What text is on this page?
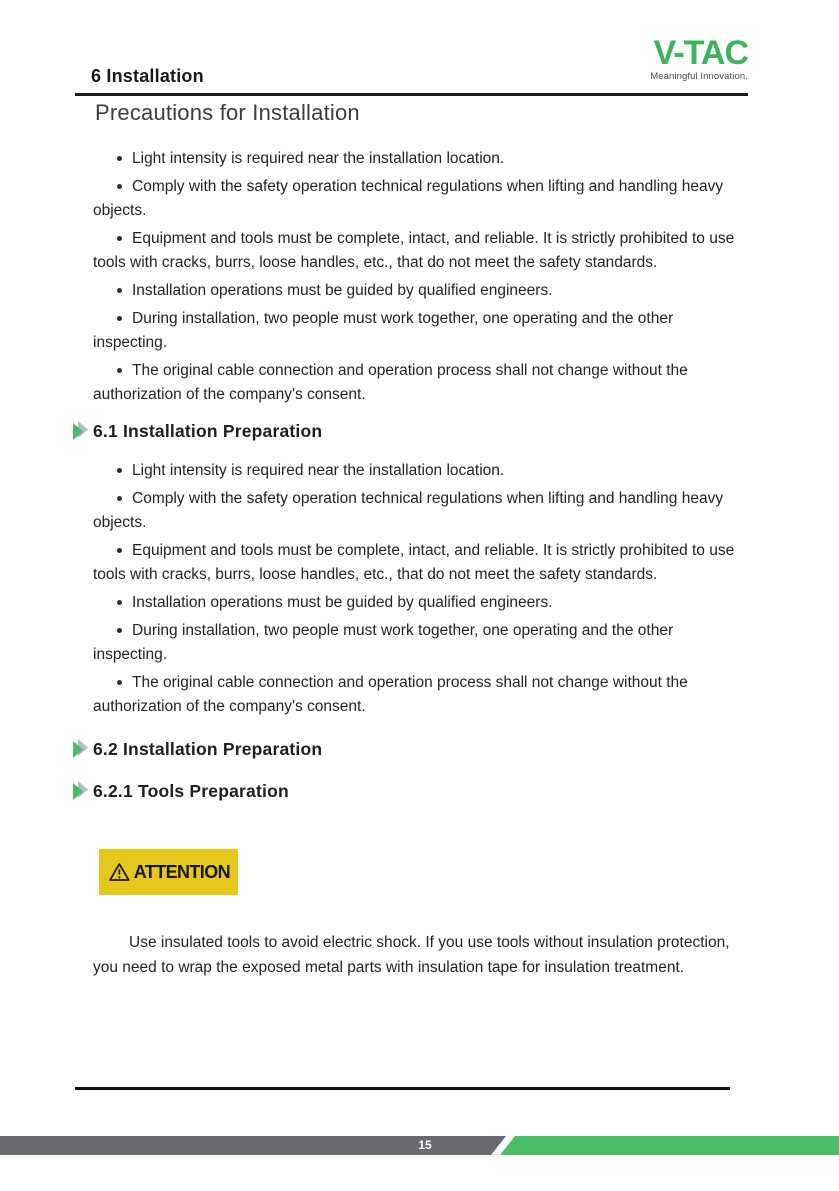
6 Installation
V-TAC
Meaningful Innovation.
Precautions for Installation

Light intensity is required near the installation location.

Comply with the safety operation technical regulations when lifting and handling heavy objects.

Equipment and tools must be complete, intact, and reliable. It is strictly prohibited to use tools with cracks, burrs, loose handles, etc., that do not meet the safety standards.

Installation operations must be guided by qualified engineers.

During installation, two people must work together, one operating and the other inspecting.

The original cable connection and operation process shall not change without the authorization of the company's consent.

6.1 Installation Preparation

Light intensity is required near the installation location.

Comply with the safety operation technical regulations when lifting and handling heavy objects.

Equipment and tools must be complete, intact, and reliable. It is strictly prohibited to use tools with cracks, burrs, loose handles, etc., that do not meet the safety standards.

Installation operations must be guided by qualified engineers.

During installation, two people must work together, one operating and the other inspecting.

The original cable connection and operation process shall not change without the authorization of the company's consent.

6.2 Installation Preparation
6.2.1 Tools Preparation
ATTENTION

Use insulated tools to avoid electric shock. If you use tools without insulation protection, you need to wrap the exposed metal parts with insulation tape for insulation treatment.

15
